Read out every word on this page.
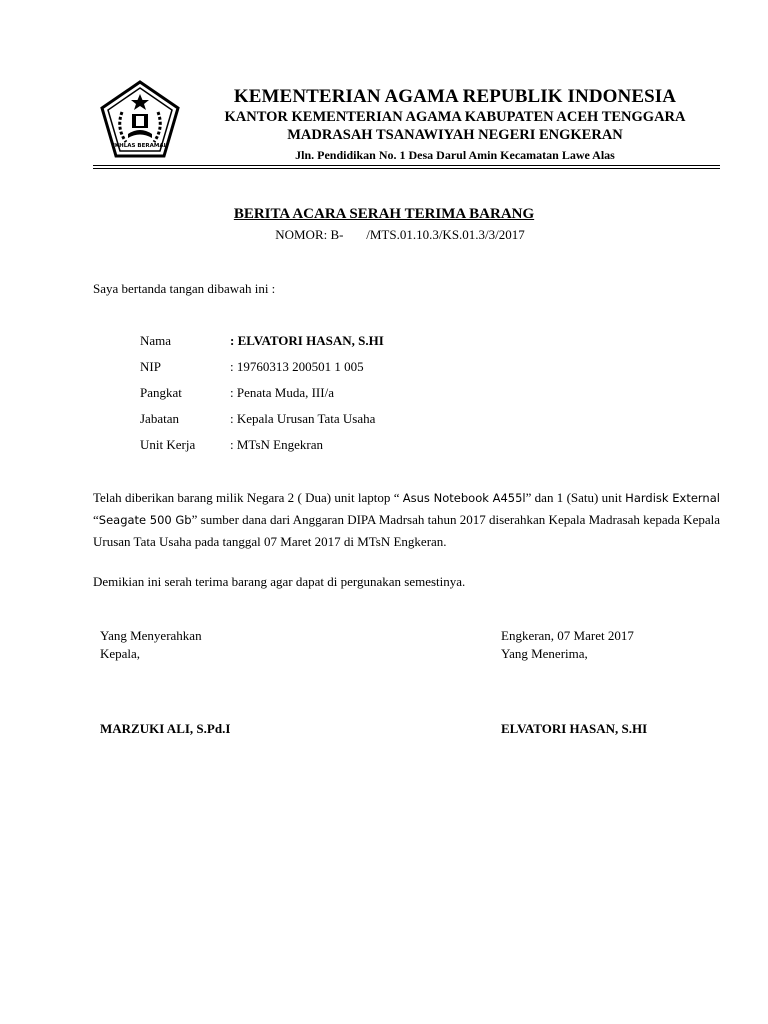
IKHLAS BERAMAL
KEMENTERIAN AGAMA REPUBLIK INDONESIA
KANTOR KEMENTERIAN AGAMA KABUPATEN ACEH TENGGARA
MADRASAH TSANAWIYAH NEGERI ENGKERAN
Jln. Pendidikan No. 1 Desa Darul Amin Kecamatan Lawe Alas
BERITA ACARA SERAH TERIMA BARANG
NOMOR: B-       /MTS.01.10.3/KS.01.3/3/2017
Saya bertanda tangan dibawah ini :
Nama	: ELVATORI HASAN, S.HI
NIP	: 19760313 200501 1 005
Pangkat	: Penata Muda, III/a
Jabatan	: Kepala Urusan Tata Usaha
Unit Kerja	: MTsN Engekran
Telah diberikan barang milik Negara 2 ( Dua) unit laptop “ Asus Notebook A455l” dan 1 (Satu) unit Hardisk External “Seagate 500 Gb” sumber dana dari Anggaran DIPA Madrsah tahun 2017 diserahkan Kepala Madrasah kepada Kepala Urusan Tata Usaha pada tanggal 07 Maret 2017 di MTsN Engkeran.
Demikian ini serah terima barang agar dapat di pergunakan semestinya.
Yang Menyerahkan
Kepala,
MARZUKI ALI, S.Pd.I
Engkeran, 07 Maret 2017
Yang Menerima,
ELVATORI HASAN, S.HI
